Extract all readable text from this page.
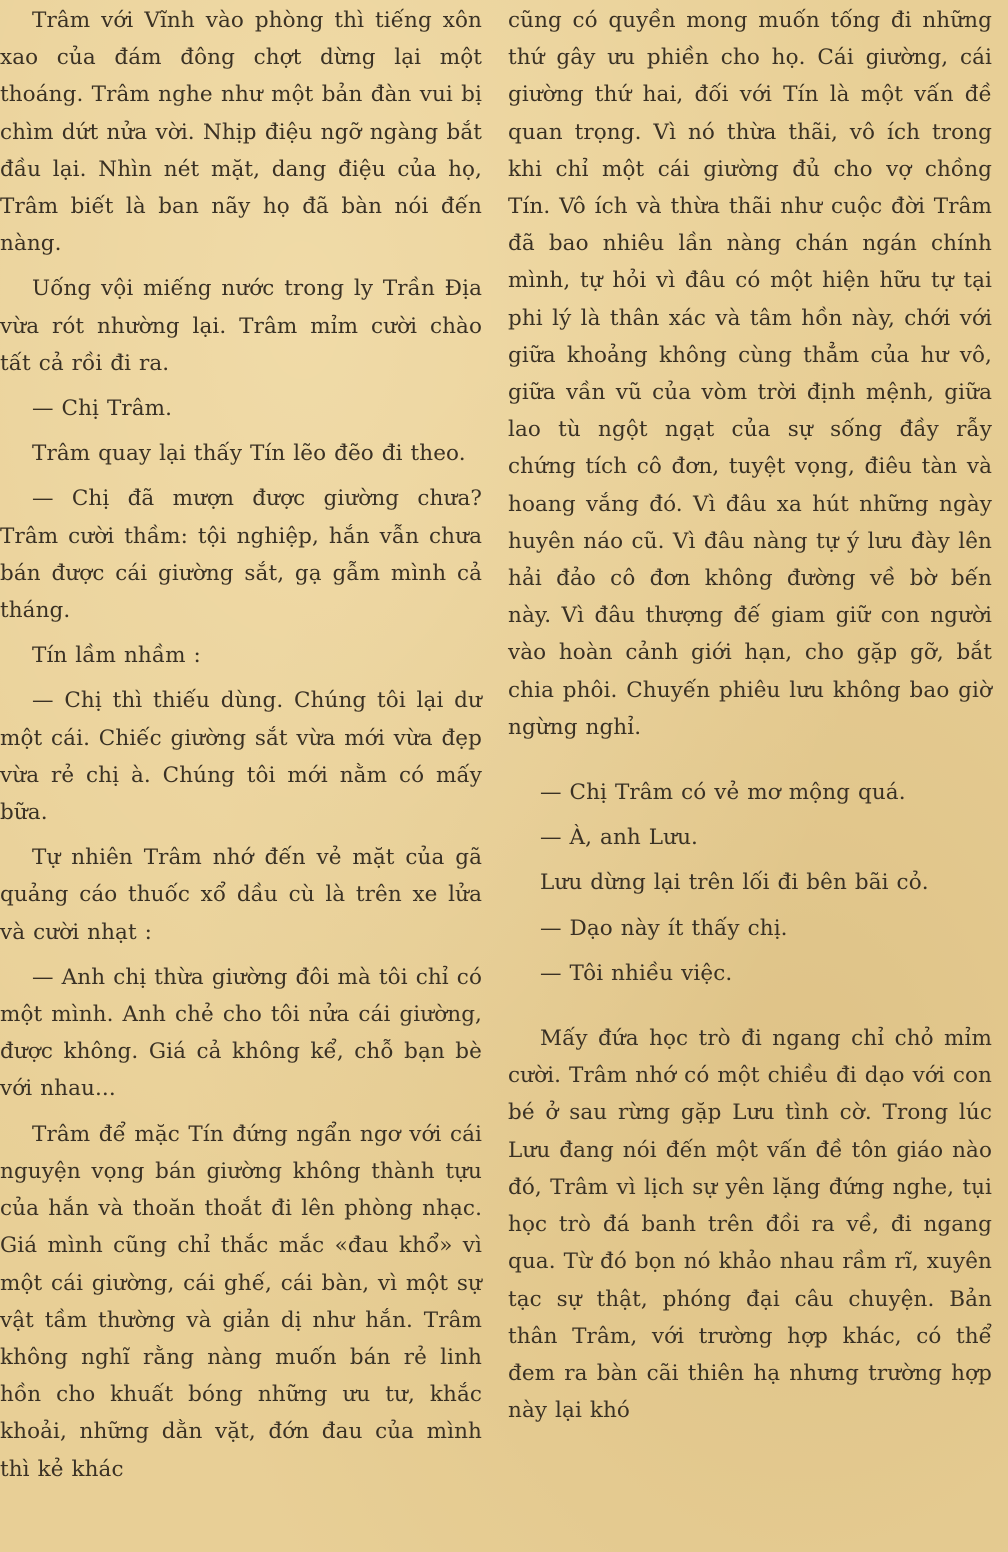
Trâm với Vĩnh vào phòng thì tiếng xôn xao của đám đông chợt dừng lại một thoáng. Trâm nghe như một bản đàn vui bị chìm dứt nửa vời. Nhịp điệu ngỡ ngàng bắt đầu lại. Nhìn nét mặt, dang điệu của họ, Trâm biết là ban nãy họ đã bàn nói đến nàng.

Uống vội miếng nước trong ly Trần Địa vừa rót nhường lại. Trâm mỉm cười chào tất cả rồi đi ra.

— Chị Trâm.

Trâm quay lại thấy Tín lẽo đẽo đi theo.

— Chị đã mượn được giường chưa? Trâm cười thầm: tội nghiệp, hắn vẫn chưa bán được cái giường sắt, gạ gẫm mình cả tháng.

Tín lầm nhầm :

— Chị thì thiếu dùng. Chúng tôi lại dư một cái. Chiếc giường sắt vừa mới vừa đẹp vừa rẻ chị à. Chúng tôi mới nằm có mấy bữa.

Tự nhiên Trâm nhớ đến vẻ mặt của gã quảng cáo thuốc xổ dầu cù là trên xe lửa và cười nhạt :

— Anh chị thừa giường đôi mà tôi chỉ có một mình. Anh chẻ cho tôi nửa cái giường, được không. Giá cả không kể, chỗ bạn bè với nhau...

Trâm để mặc Tín đứng ngẩn ngơ với cái nguyện vọng bán giường không thành tựu của hắn và thoăn thoắt đi lên phòng nhạc. Giá mình cũng chỉ thắc mắc «đau khổ» vì một cái giường, cái ghế, cái bàn, vì một sự vật tầm thường và giản dị như hắn. Trâm không nghĩ rằng nàng muốn bán rẻ linh hồn cho khuất bóng những ưu tư, khắc khoải, những dằn vặt, đớn đau của mình thì kẻ khác

cũng có quyền mong muốn tống đi những thứ gây ưu phiền cho họ. Cái giường, cái giường thứ hai, đối với Tín là một vấn đề quan trọng. Vì nó thừa thãi, vô ích trong khi chỉ một cái giường đủ cho vợ chồng Tín. Vô ích và thừa thãi như cuộc đời Trâm đã bao nhiêu lần nàng chán ngán chính mình, tự hỏi vì đâu có một hiện hữu tự tại phi lý là thân xác và tâm hồn này, chới với giữa khoảng không cùng thẳm của hư vô, giữa vần vũ của vòm trời định mệnh, giữa lao tù ngột ngạt của sự sống đầy rẫy chứng tích cô đơn, tuyệt vọng, điêu tàn và hoang vắng đó. Vì đâu xa hút những ngày huyên náo cũ. Vì đâu nàng tự ý lưu đày lên hải đảo cô đơn không đường về bờ bến này. Vì đâu thượng đế giam giữ con người vào hoàn cảnh giới hạn, cho gặp gỡ, bắt chia phôi. Chuyến phiêu lưu không bao giờ ngừng nghỉ.

— Chị Trâm có vẻ mơ mộng quá.

— À, anh Lưu.

Lưu dừng lại trên lối đi bên bãi cỏ.

— Dạo này ít thấy chị.

— Tôi nhiều việc.

Mấy đứa học trò đi ngang chỉ chỏ mỉm cười. Trâm nhớ có một chiều đi dạo với con bé ở sau rừng gặp Lưu tình cờ. Trong lúc Lưu đang nói đến một vấn đề tôn giáo nào đó, Trâm vì lịch sự yên lặng đứng nghe, tụi học trò đá banh trên đồi ra về, đi ngang qua. Từ đó bọn nó khảo nhau rầm rĩ, xuyên tạc sự thật, phóng đại câu chuyện. Bản thân Trâm, với trường hợp khác, có thể đem ra bàn cãi thiên hạ nhưng trường hợp này lại khó
